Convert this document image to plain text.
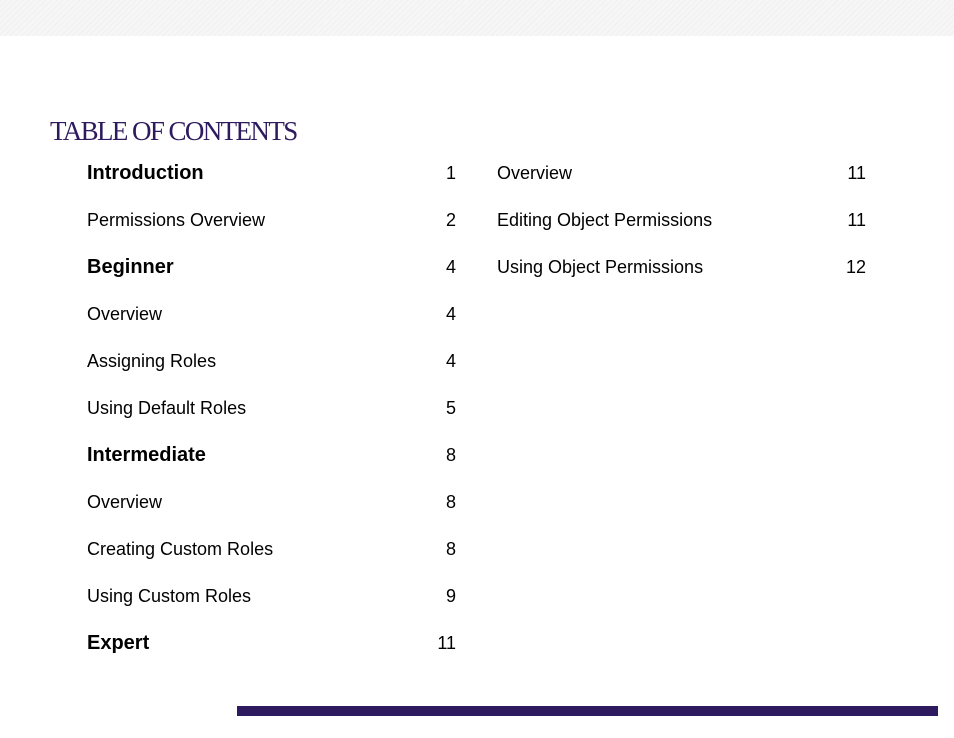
TABLE OF CONTENTS
Introduction	1
Permissions Overview	2
Beginner	4
Overview	4
Assigning Roles	4
Using Default Roles	5
Intermediate	8
Overview	8
Creating Custom Roles	8
Using Custom Roles	9
Expert	11
Overview	11
Editing Object Permissions	11
Using Object Permissions	12
